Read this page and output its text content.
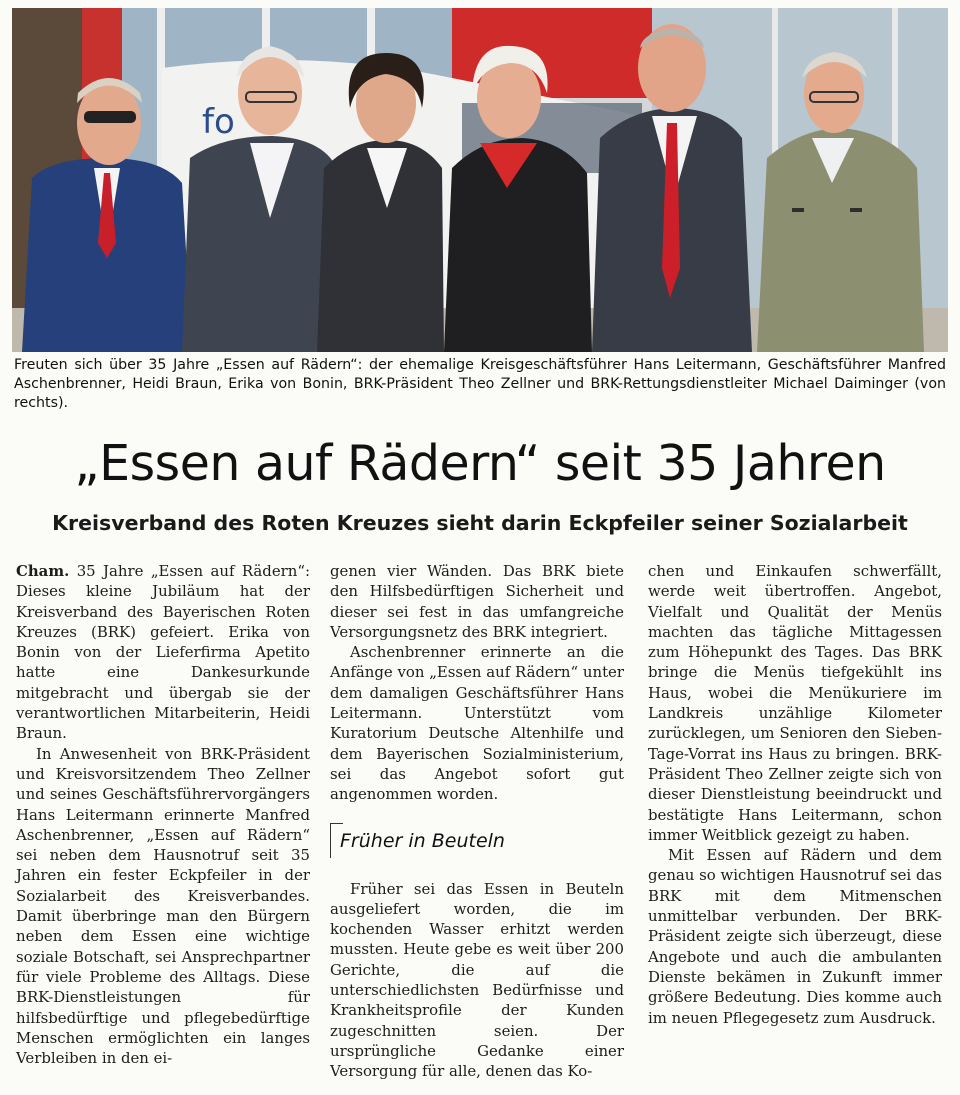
fo
Freuten sich über 35 Jahre „Essen auf Rädern“: der ehemalige Kreisgeschäftsführer Hans Leitermann, Geschäftsführer Manfred Aschenbrenner, Heidi Braun, Erika von Bonin, BRK-Präsident Theo Zellner und BRK-Rettungsdienstleiter Michael Daiminger (von rechts).
„Essen auf Rädern“ seit 35 Jahren
Kreisverband des Roten Kreuzes sieht darin Eckpfeiler seiner Sozialarbeit

Cham. 35 Jahre „Essen auf Rädern“: Dieses kleine Jubiläum hat der Kreisverband des Bayerischen Roten Kreuzes (BRK) gefeiert. Erika von Bonin von der Lieferfirma Apetito hatte eine Dankesurkunde mitgebracht und übergab sie der verantwortlichen Mitarbeiterin, Heidi Braun.

In Anwesenheit von BRK-Präsident und Kreisvorsitzendem Theo Zellner und seines Geschäftsführervorgängers Hans Leitermann erinnerte Manfred Aschenbrenner, „Essen auf Rädern“ sei neben dem Hausnotruf seit 35 Jahren ein fester Eckpfeiler in der Sozialarbeit des Kreisverbandes. Damit überbringe man den Bürgern neben dem Essen eine wichtige soziale Botschaft, sei Ansprechpartner für viele Probleme des Alltags. Diese BRK-Dienstleistungen für hilfsbedürftige und pflegebedürftige Menschen ermöglichten ein langes Verbleiben in den ei-

genen vier Wänden. Das BRK biete den Hilfsbedürftigen Sicherheit und dieser sei fest in das umfangreiche Versorgungsnetz des BRK integriert.

Aschenbrenner erinnerte an die Anfänge von „Essen auf Rädern“ unter dem damaligen Geschäftsführer Hans Leitermann. Unterstützt vom Kuratorium Deutsche Altenhilfe und dem Bayerischen Sozialministerium, sei das Angebot sofort gut angenommen worden.

Früher in Beuteln

Früher sei das Essen in Beuteln ausgeliefert worden, die im kochenden Wasser erhitzt werden mussten. Heute gebe es weit über 200 Gerichte, die auf die unterschiedlichsten Bedürfnisse und Krankheitsprofile der Kunden zugeschnitten seien. Der ursprüngliche Gedanke einer Versorgung für alle, denen das Ko-

chen und Einkaufen schwerfällt, werde weit übertroffen. Angebot, Vielfalt und Qualität der Menüs machten das tägliche Mittagessen zum Höhepunkt des Tages. Das BRK bringe die Menüs tiefgekühlt ins Haus, wobei die Menükuriere im Landkreis unzählige Kilometer zurücklegen, um Senioren den Sieben-Tage-Vorrat ins Haus zu bringen. BRK-Präsident Theo Zellner zeigte sich von dieser Dienstleistung beeindruckt und bestätigte Hans Leitermann, schon immer Weitblick gezeigt zu haben.

Mit Essen auf Rädern und dem genau so wichtigen Hausnotruf sei das BRK mit dem Mitmenschen unmittelbar verbunden. Der BRK-Präsident zeigte sich überzeugt, diese Angebote und auch die ambulanten Dienste bekämen in Zukunft immer größere Bedeutung. Dies komme auch im neuen Pflegegesetz zum Ausdruck.
